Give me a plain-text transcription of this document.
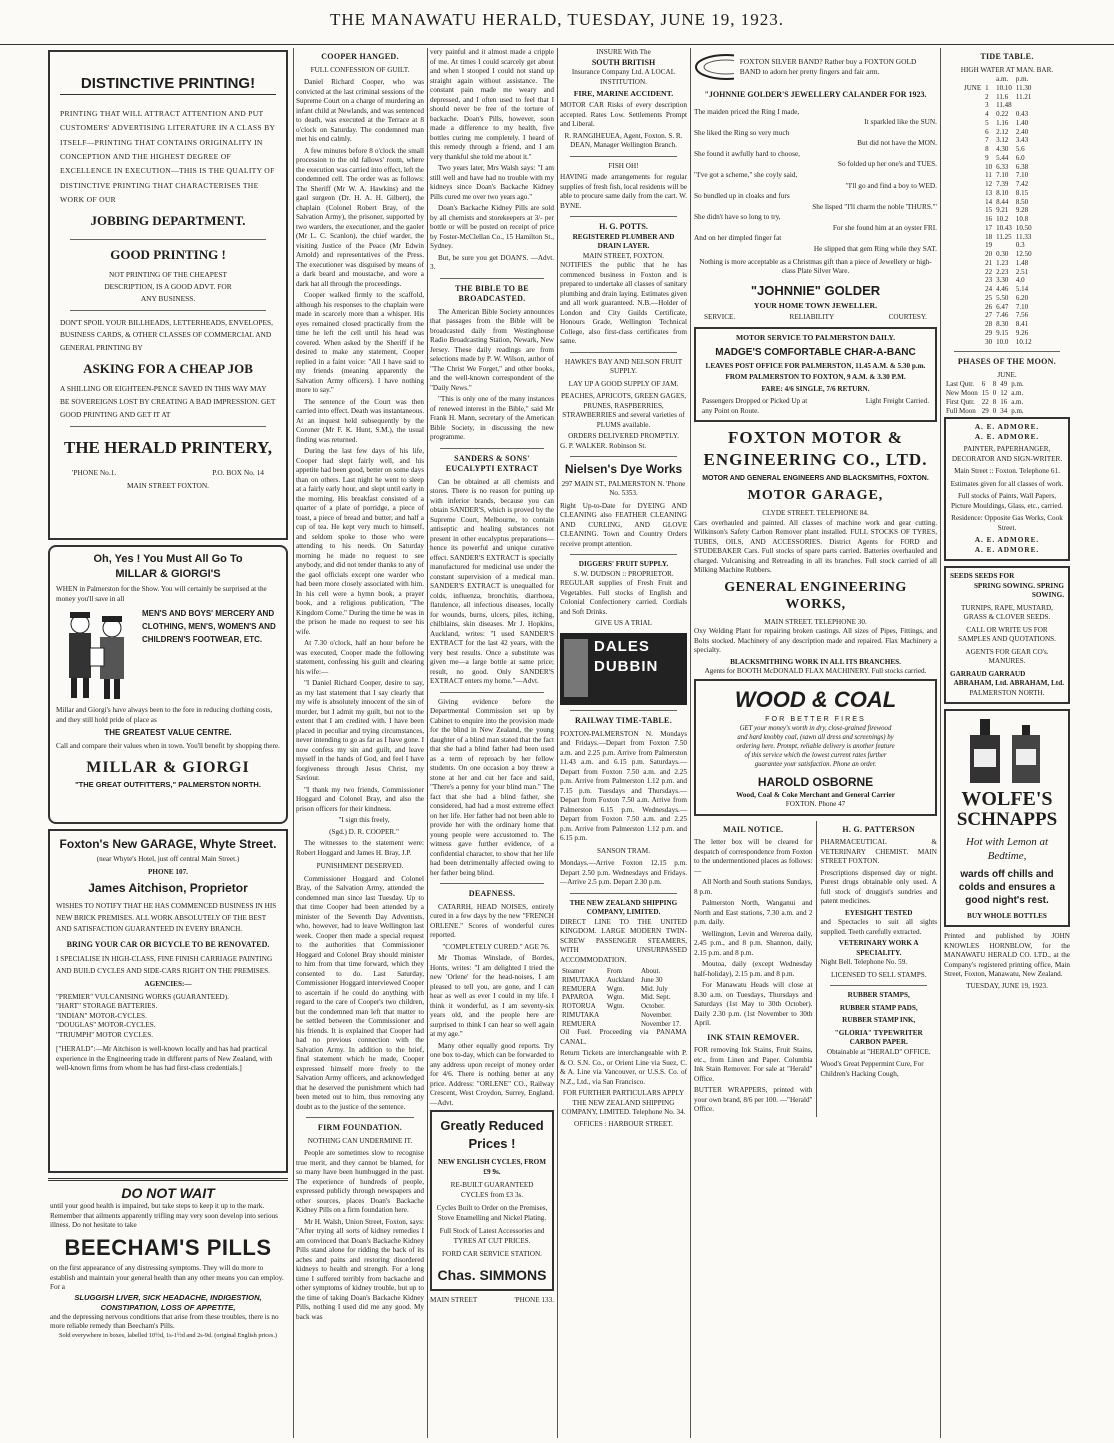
THE MANAWATU HERALD, TUESDAY, JUNE 19, 1923.
DISTINCTIVE PRINTING!
PRINTING THAT WILL ATTRACT ATTENTION AND PUT CUSTOMERS' ADVERTISING LITERATURE IN A CLASS BY ITSELF—PRINTING THAT CONTAINS ORIGINALITY IN CONCEPTION AND THE HIGHEST DEGREE OF EXCELLENCE IN EXECUTION—THIS IS THE QUALITY OF DISTINCTIVE PRINTING THAT CHARACTERISES THE WORK OF OUR
JOBBING DEPARTMENT.
GOOD PRINTING !
NOT PRINTING OF THE CHEAPEST DESCRIPTION, IS A GOOD ADVT. FOR ANY BUSINESS.
DON'T SPOIL YOUR BILLHEADS, LETTERHEADS, ENVELOPES, BUSINESS CARDS, & OTHER CLASSES OF COMMERCIAL AND GENERAL PRINTING BY
ASKING FOR A CHEAP JOB
A SHILLING OR EIGHTEEN-PENCE SAVED IN THIS WAY MAY BE SOVEREIGNS LOST BY CREATING A BAD IMPRESSION. GET GOOD PRINTING AND GET IT AT
THE HERALD PRINTERY,
'PHONE No.1.	P.O. BOX No. 14
MAIN STREET FOXTON.
Oh, Yes ! You Must All Go To
MILLAR & GIORGI'S
WHEN in Palmerston for the Show. You will certainly be surprised at the money you'll save in all
MEN'S AND BOYS' MERCERY AND CLOTHING, MEN'S, WOMEN'S AND CHILDREN'S FOOTWEAR, ETC.
Millar and Giorgi's have always been to the fore in reducing clothing costs, and they still hold pride of place as
THE GREATEST VALUE CENTRE.
Call and compare their values when in town. You'll benefit by shopping there.
MILLAR & GIORGI
"THE GREAT OUTFITTERS," PALMERSTON NORTH.
Foxton's New GARAGE, Whyte Street.
(near Whyte's Hotel, just off central Main Street.)
PHONE 107.
James Aitchison, Proprietor
WISHES TO NOTIFY THAT HE HAS COMMENCED BUSINESS IN HIS NEW BRICK PREMISES. ALL WORK ABSOLUTELY OF THE BEST AND SATISFACTION GUARANTEED IN EVERY BRANCH.
BRING YOUR CAR OR BICYCLE TO BE RENOVATED.
I SPECIALISE IN HIGH-CLASS, FINE FINISH CARRIAGE PAINTING AND BUILD CYCLES AND SIDE-CARS RIGHT ON THE PREMISES.
AGENCIES:—
"PREMIER" VULCANISING WORKS (GUARANTEED).
"HART" STORAGE BATTERIES.
"INDIAN" MOTOR-CYCLES.
"DOUGLAS" MOTOR-CYCLES.
"TRIUMPH" MOTOR CYCLES.
["HERALD":—Mr Aitchison is well-known locally and has had practical experience in the Engineering trade in different parts of New Zealand, with well-known firms from whom he has had first-class credentials.]
DO NOT WAIT
until your good health is impaired, but take steps to keep it up to the mark. Remember that ailments apparently trifling may very soon develop into serious illness. Do not hesitate to take
BEECHAM'S PILLS
on the first appearance of any distressing symptoms. They will do more to establish and maintain your general health than any other means you can employ. For a
SLUGGISH LIVER, SICK HEADACHE, INDIGESTION, CONSTIPATION, LOSS OF APPETITE,
and the depressing nervous conditions that arise from these troubles, there is no more reliable remedy than Beecham's Pills.
Sold everywhere in boxes, labelled 10½d, 1s-1½d and 2s-9d. (original English prices.)
COOPER HANGED.
FULL CONFESSION OF GUILT.

Daniel Richard Cooper, who was convicted at the last criminal sessions of the Supreme Court on a charge of murdering an infant child at Newlands, and was sentenced to death, was executed at the Terrace at 8 o'clock on Saturday. The condemned man met his end calmly.

A few minutes before 8 o'clock the small procession to the old fallows' room, where the execution was carried into effect, left the condemned cell. The order was as follows: The Sheriff (Mr W. A. Hawkins) and the gaol surgeon (Dr. H. A. H. Gilbert), the chaplain (Colonel Robert Bray, of the Salvation Army), the prisoner, supported by two warders, the executioner, and the gaoler (Mr L. C. Scanlon), the chief warder, the visiting Justice of the Peace (Mr Edwin Arnold) and representatives of the Press. The executioner was disguised by means of a dark beard and moustache, and wore a dark hat all through the proceedings.

Cooper walked firmly to the scaffold, although his responses to the chaplain were made in scarcely more than a whisper. His eyes remained closed practically from the time he left the cell until his head was covered. When asked by the Sheriff if he desired to make any statement, Cooper replied in a faint voice: "All I have said to my friends (meaning apparently the Salvation Army officers). I have nothing more to say."

The sentence of the Court was then carried into effect. Death was instantaneous. At an inquest held subsequently by the Coroner (Mr F. K. Hunt, S.M.), the usual finding was returned.

During the last few days of his life, Cooper had slept fairly well, and his appetite had been good, better on some days than on others. Last night he went to sleep at a fairly early hour, and slept until early in the morning. His breakfast consisted of a quarter of a plate of porridge, a piece of toast, a piece of bread and butter, and half a cup of tea. He kept very much to himself, and seldom spoke to those who were attending to his needs. On Saturday morning he made no request to see anybody, and did not tender thanks to any of the gaol officials except one warder who had been more closely associated with him. In his cell were a hymn book, a prayer book, and a religious publication, "The Kingdom Come." During the time he was in the prison he made no request to see his wife.

At 7.30 o'clock, half an hour before he was executed, Cooper made the following statement, confessing his guilt and clearing his wife:—

"I Daniel Richard Cooper, desire to say, as my last statement that I say clearly that my wife is absolutely innocent of the sin of murder, but I admit my guilt, but not to the extent that I am credited with. I have been placed in peculiar and trying circumstances, never intending to go as far as I have gone. I now confess my sin and guilt, and leave myself in the hands of God, and feel I have forgiveness through Jesus Christ, my Saviour.

"I thank my two friends, Commissioner Hoggard and Colonel Bray, and also the prison officers for their kindness.

"I sign this freely,

(Sgd.) D. R. COOPER."

The witnesses to the statement were: Robert Hoggard and James H. Bray, J.P.

PUNISHMENT DESERVED.

Commissioner Hoggard and Colonel Bray, of the Salvation Army, attended the condemned man since last Tuesday. Up to that time Cooper had been attended by a minister of the Seventh Day Adventists, who, however, had to leave Wellington last week. Cooper then made a special request to the authorities that Commissioner Hoggard and Colonel Bray should minister to him from that time forward, which they consented to do. Last Saturday, Commissioner Hoggard interviewed Cooper to ascertain if he could do anything with regard to the care of Cooper's two children, but the condemned man left that matter to be settled between the Commissioner and his friends. It is explained that Cooper had had no previous connection with the Salvation Army. In addition to the brief, final statement which he made, Cooper expressed himself more freely to the Salvation Army officers, and acknowledged that he deserved the punishment which had been meted out to him, thus removing any doubt as to the justice of the sentence.

FIRM FOUNDATION.
NOTHING CAN UNDERMINE IT.

People are sometimes slow to recognise true merit, and they cannot be blamed, for so many have been humbugged in the past. The experience of hundreds of people, expressed publicly through newspapers and other sources, places Doan's Backache Kidney Pills on a firm foundation here.

Mr H. Walsh, Union Street, Foxton, says: "After trying all sorts of kidney remedies I am convinced that Doan's Backache Kidney Pills stand alone for ridding the back of its aches and pains and restoring disordered kidneys to health and strength. For a long time I suffered terribly from backache and other symptoms of kidney trouble, but up to the time of taking Doan's Backache Kidney Pills, nothing I used did me any good. My back was

very painful and it almost made a cripple of me. At times I could scarcely get about and when I stooped I could not stand up straight again without assistance. The constant pain made me weary and depressed, and I often used to feel that I should never be free of the torture of backache. Doan's Pills, however, soon made a difference to my health, five bottles curing me completely. I heard of this remedy through a friend, and I am very thankful she told me about it."

Two years later, Mrs Walsh says: "I am still well and have had no trouble with my kidneys since Doan's Backache Kidney Pills cured me over two years ago."

Doan's Backache Kidney Pills are sold by all chemists and storekeepers at 3/- per bottle or will be posted on receipt of price by Foster-McClellan Co., 15 Hamilton St., Sydney.

But, be sure you get DOAN'S. —Advt. 3.

THE BIBLE TO BE BROADCASTED.

The American Bible Society announces that passages from the Bible will be broadcasted daily from Westinghouse Radio Broadcasting Station, Newark, New Jersey. These daily readings are from selections made by P. W. Wilson, author of "The Christ We Forget," and other books, and the well-known correspondent of the "Daily News."

"This is only one of the many instances of renewed interest in the Bible," said Mr Frank H. Mann, secretary of the American Bible Society, in discussing the new programme.

SANDERS & SONS' EUCALYPTI EXTRACT

Can be obtained at all chemists and stores. There is no reason for putting up with inferior brands, because you can obtain SANDER'S, which is proved by the Supreme Court, Melbourne, to contain antiseptic and healing substances not present in other eucalyptus preparations—hence its powerful and unique curative effect. SANDER'S EXTRACT is specially manufactured for medicinal use under the constant supervision of a medical man. SANDER'S EXTRACT is unequalled for colds, influenza, bronchitis, diarrhoea, flatulence, all infectious diseases, locally for wounds, burns, ulcers, piles, itching, chilblains, skin diseases. Mr J. Hopkins, Auckland, writes: "I used SANDER'S EXTRACT for the last 42 years, with the very best results. Once a substitute was given me—a large bottle at same price; result, no good. Only SANDER'S EXTRACT enters my home."—Advt.

Giving evidence before the Departmental Commission set up by Cabinet to enquire into the provision made for the blind in New Zealand, the young daughter of a blind man stated that the fact that she had a blind father had been used as a term of reproach by her fellow students. On one occasion a boy threw a stone at her and cut her face and said, "There's a penny for your blind man." The fact that she had a blind father, she considered, had had a most extreme effect on her life. Her father had not been able to provide her with the ordinary home that young people were accustomed to. The witness gave further evidence, of a confidential character, to show that her life had been detrimentally affected owing to her father being blind.

DEAFNESS.

CATARRH, HEAD NOISES, entirely cured in a few days by the new "FRENCH ORLENE." Scores of wonderful cures reported.

"COMPLETELY CURED." AGE 76.

Mr Thomas Winslade, of Bordes, Honts, writes: "I am delighted I tried the new 'Orlene' for the head-noises, I am pleased to tell you, are gone, and I can hear as well as ever I could in my life. I think it wonderful, as I am seventy-six years old, and the people here are surprised to think I can hear so well again at my age."

Many other equally good reports. Try one box to-day, which can be forwarded to any address upon receipt of money order for 4/6. There is nothing better at any price. Address: "ORLENE" CO., Railway Crescent, West Croydon, Surrey, England.—Advt.

Greatly Reduced Prices !
NEW ENGLISH CYCLES, FROM £9 9s.
RE-BUILT GUARANTEED CYCLES from £3 3s.
Cycles Built to Order on the Premises, Stove Enamelling and Nickel Plating.
Full Stock of Latest Accessories and TYRES AT CUT PRICES.
FORD CAR SERVICE STATION.
Chas. SIMMONS
MAIN STREET	'PHONE 133.
INSURE With The
SOUTH BRITISH
Insurance Company Ltd. A LOCAL INSTITUTION.
FIRE, MARINE ACCIDENT.

MOTOR CAR Risks of every description accepted. Rates Low. Settlements Prompt and Liberal.

R. RANGIHEUEA, Agent, Foxton. S. R. DEAN, Manager Wellington Branch.

FISH OH!

HAVING made arrangements for regular supplies of fresh fish, local residents will be able to procure same daily from the cart. W. BYNE.

H. G. POTTS.
REGISTERED PLUMBER AND DRAIN LAYER.
MAIN STREET, FOXTON.

NOTIFIES the public that he has commenced business in Foxton and is prepared to undertake all classes of sanitary plumbing and drain laying. Estimates given and all work guaranteed. N.B.—Holder of London and City Guilds Certificate, Honours Grade, Wellington Technical College, also first-class certificates from same.

HAWKE'S BAY AND NELSON FRUIT SUPPLY.
LAY UP A GOOD SUPPLY OF JAM.

PEACHES, APRICOTS, GREEN GAGES, PRUNES, RASPBERRIES, STRAWBERRIES and several varieties of PLUMS available.

ORDERS DELIVERED PROMPTLY.
G. P. WALKER. Robinson St.
Nielsen's Dye Works
297 MAIN ST., PALMERSTON N. 'Phone No. 5353.

Right Up-to-Date for DYEING AND CLEANING also FEATHER CLEANING AND CURLING, AND GLOVE CLEANING. Town and Country Orders receive prompt attention.

DIGGERS' FRUIT SUPPLY.
S. W. DUDSON :: PROPRIETOR.

REGULAR supplies of Fresh Fruit and Vegetables. Full stocks of English and Colonial Confectionery carried. Cordials and Soft Drinks.

GIVE US A TRIAL
DALES DUBBIN
RAILWAY TIME-TABLE.

FOXTON-PALMERSTON N. Mondays and Fridays.—Depart from Foxton 7.50 a.m. and 2.25 p.m. Arrive from Palmerston 11.43 a.m. and 6.15 p.m. Saturdays.—Depart from Foxton 7.50 a.m. and 2.25 p.m. Arrive from Palmerston 1.12 p.m. and 7.15 p.m. Tuesdays and Thursdays.—Depart from Foxton 7.50 a.m. Arrive from Palmerston 6.15 p.m. Wednesdays.—Depart from Foxton 7.50 a.m. and 2.25 p.m. Arrive from Palmerston 1.12 p.m. and 6.15 p.m.

SANSON TRAM.

Mondays.—Arrive Foxton 12.15 p.m. Depart 2.50 p.m. Wednesdays and Fridays.—Arrive 2.5 p.m. Depart 2.30 p.m.

THE NEW ZEALAND SHIPPING COMPANY, LIMITED.

DIRECT LINE TO THE UNITED KINGDOM. LARGE MODERN TWIN-SCREW PASSENGER STEAMERS, WITH UNSURPASSED ACCOMMODATION.

Steamer	From	About.
RIMUTAKA	Auckland	June 30
REMUERA	Wgtn.	Mid. July
PAPAROA	Wgtn.	Mid. Sept.
ROTORUA	Wgtn.	October.
RIMUTAKA		November.
REMUERA		November 17.

Oil Fuel. Proceeding via PANAMA CANAL.

Return Tickets are interchangeable with P. & O. S.N. Co., or Orient Line via Suez, C. & A. Line via Vancouver, or U.S.S. Co. of N.Z., Ltd., via San Francisco.

FOR FURTHER PARTICULARS APPLY THE NEW ZEALAND SHIPPING COMPANY, LIMITED. Telephone No. 34.

OFFICES : HARBOUR STREET.
FOXTON SILVER BAND? Rather buy a FOXTON GOLD BAND to adorn her pretty fingers and fair arm.
"JOHNNIE GOLDER'S JEWELLERY CALANDER FOR 1923.
The maiden priced the Ring I made,
It sparkled like the SUN.
She liked the Ring so very much
But did not have the MON.
She found it awfully hard to choose,
So folded up her one's and TUES.
"I've got a scheme," she coyly said,
"I'll go and find a boy to WED.
So bundled up in cloaks and furs
She lisped "I'll charm the noble 'THURS.'"
She didn't have so long to try,
For she found him at an oyster FRI.
And on her dimpled finger fat
He slipped that gem Ring while they SAT.
Nothing is more acceptable as a Christmas gift than a piece of Jewellery or high-class Plate Silver Ware.
"JOHNNIE" GOLDER
YOUR HOME TOWN JEWELLER.
SERVICE.	RELIABILITY	COURTESY.
MOTOR SERVICE TO PALMERSTON DAILY.
MADGE'S COMFORTABLE CHAR-A-BANC
LEAVES POST OFFICE FOR PALMERSTON, 11.45 A.M. & 5.30 p.m.
FROM PALMERSTON TO FOXTON, 9 A.M. & 3.30 P.M.
FARE: 4/6 SINGLE, 7/6 RETURN.
Passengers Dropped or Picked Up at any Point on Route.
Light Freight Carried.
FOXTON MOTOR & ENGINEERING CO., LTD.
MOTOR AND GENERAL ENGINEERS AND BLACKSMITHS, FOXTON.
MOTOR GARAGE,
CLYDE STREET. TELEPHONE 84.

Cars overhauled and painted. All classes of machine work and gear cutting. Wilkinson's Safety Carbon Remover plant installed. FULL STOCKS OF TYRES, TUBES, OILS, AND ACCESSORIES. District Agents for FORD and STUDEBAKER Cars. Full stocks of spare parts carried. Batteries overhauled and charged. Vulcanising and Retreading in all its branches. Full stock carried of all Milking Machine Rubbers.

GENERAL ENGINEERING WORKS,
MAIN STREET. TELEPHONE 30.

Oxy Welding Plant for repairing broken castings. All sizes of Pipes, Fittings, and Bolts stocked. Machinery of any description made and repaired. Flax Machinery a specialty.

BLACKSMITHING WORK IN ALL ITS BRANCHES.
Agents for BOOTH McDONALD FLAX MACHINERY. Full stocks carried.
WOOD & COAL
FOR BETTER FIRES
GET your money's worth in dry, close-grained firewood and hard knobby coal, (sawn all dress and screenings) by ordering here. Prompt, reliable delivery is another feature of this service which the lowest current rates further guarantee your satisfaction. Phone an order.
HAROLD OSBORNE
Wood, Coal & Coke Merchant and General Carrier
FOXTON. Phone 47
MAIL NOTICE.

The letter box will be cleared for despatch of correspondence from Foxton to the undermentioned places as follows:—

All North and South stations Sundays, 8 p.m.

Palmerston North, Wanganui and North and East stations, 7.30 a.m. and 2 p.m. daily.

Wellington, Levin and Wereroa daily, 2.45 p.m., and 8 p.m. Shannon, daily, 2.15 p.m. and 8 p.m.

Moutoa, daily (except Wednesday half-holiday), 2.15 p.m. and 8 p.m.

For Manawatu Heads will close at 8.30 a.m. on Tuesdays, Thursdays and Saturdays (1st May to 30th October). Daily 2.30 p.m. (1st November to 30th April.

INK STAIN REMOVER.

FOR removing Ink Stains, Fruit Stains, etc., from Linen and Paper. Columbia Ink Stain Remover. For sale at "Herald" Office.

BUTTER WRAPPERS, printed with your own brand, 8/6 per 100. —"Herald" Office.

H. G. PATTERSON

PHARMACEUTICAL & VETERINARY CHEMIST. MAIN STREET FOXTON.

Prescriptions dispensed day or night. Purest drugs obtainable only used. A full stock of druggist's sundries and patent medicines.

EYESIGHT TESTED

and Spectacles to suit all sights supplied. Teeth carefully extracted.

VETERINARY WORK A SPECIALITY.
Night Bell. Telephone No. 59.
LICENSED TO SELL STAMPS.
RUBBER STAMPS,
RUBBER STAMP PADS,
RUBBER STAMP INK,
"GLORIA" TYPEWRITER CARBON PAPER.
Obtainable at "HERALD" OFFICE.
Wood's Great Peppermint Cure, For Children's Hacking Cough,
TIDE TABLE.
HIGH WATER AT MAN. BAR.
		a.m.	p.m.
JUNE	1	10.10	11.30
	2	11.6	11.21
	3	11.48	
	4	0.22	0.43
	5	1.16	1.40
	6	2.12	2.40
	7	3.12	3.43
	8	4.30	5.6
	9	5.44	6.0
	10	6.33	6.38
	11	7.10	7.10
	12	7.39	7.42
	13	8.10	8.15
	14	8.44	8.50
	15	9.21	9.28
	16	10.2	10.8
	17	10.43	10.50
	18	11.25	11.33
	19		0.3
	20	0.30	12.50
	21	1.23	1.48
	22	2.23	2.51
	23	3.30	4.0
	24	4.46	5.14
	25	5.50	6.20
	26	6.47	7.10
	27	7.46	7.56
	28	8.30	8.41
	29	9.15	9.26
	30	10.0	10.12
PHASES OF THE MOON.
JUNE.
Last Qutr.	6	8	49	p.m.
New Moon	15	0	12	a.m.
First Qutr.	22	8	16	a.m.
Full Moon	29	0	34	p.m.
A. E. ADMORE.
A. E. ADMORE.
PAINTER, PAPERHANGER, DECORATOR AND SIGN-WRITER.
Main Street :: Foxton. Telephone 61.
Estimates given for all classes of work.
Full stocks of Paints, Wall Papers, Picture Mouldings, Glass, etc., carried.
Residence: Opposite Gas Works, Cook Street.
A. E. ADMORE.
A. E. ADMORE.
SEEDS SEEDS FOR
SPRING SOWING. SPRING SOWING.
TURNIPS, RAPE, MUSTARD, GRASS & CLOVER SEEDS.
CALL OR WRITE US FOR SAMPLES AND QUOTATIONS.
AGENTS FOR GEAR CO's. MANURES.
GARRAUD GARRAUD
ABRAHAM, Ltd. ABRAHAM, Ltd.
PALMERSTON NORTH.
WOLFE'S
SCHNAPPS
Hot with Lemon at Bedtime,
wards off chills and colds and ensures a good night's rest.
BUY WHOLE BOTTLES

Printed and published by JOHN KNOWLES HORNBLOW, for the MANAWATU HERALD CO. LTD., at the Company's registered printing office, Main Street, Foxton, Manawatu, New Zealand.

TUESDAY, JUNE 19, 1923.
